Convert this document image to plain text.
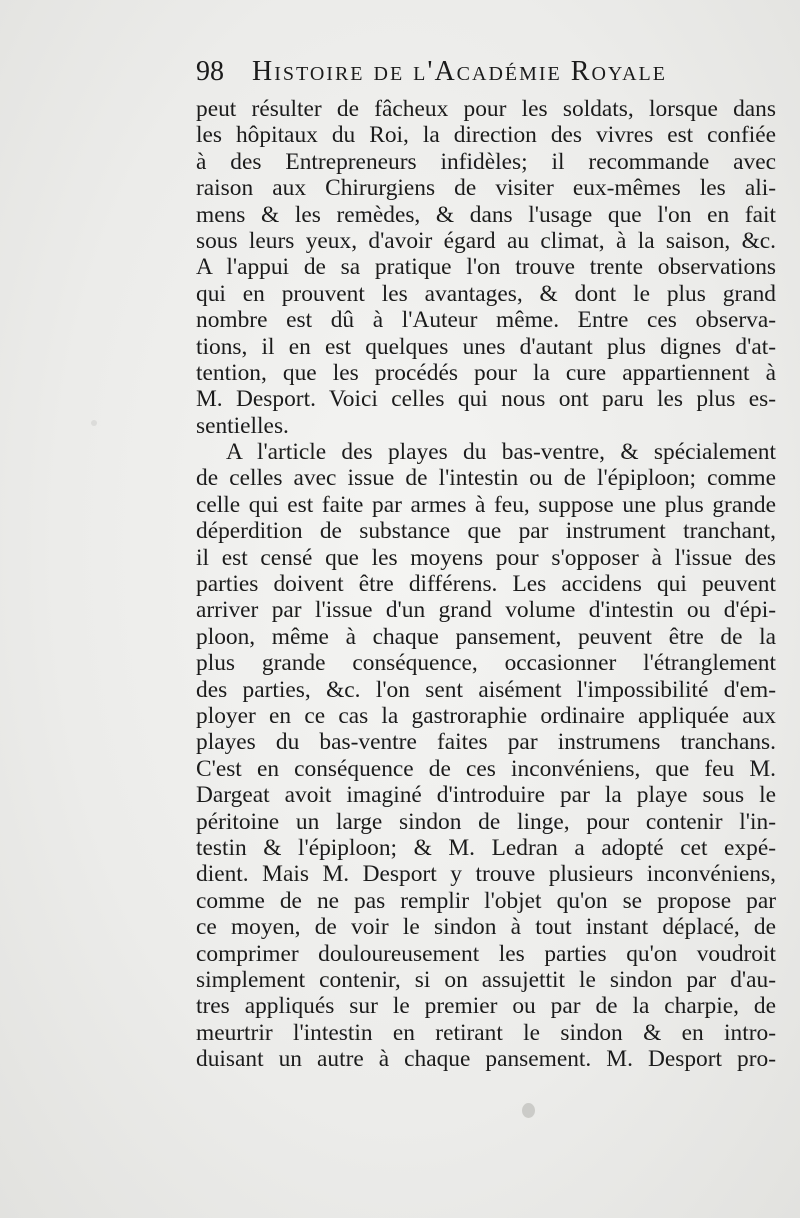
98	Histoire de l'Académie Royale
peut résulter de fâcheux pour les soldats, lorsque dans
les hôpitaux du Roi, la direction des vivres est confiée
à des Entrepreneurs infidèles; il recommande avec
raison aux Chirurgiens de visiter eux-mêmes les ali-
mens & les remèdes, & dans l'usage que l'on en fait
sous leurs yeux, d'avoir égard au climat, à la saison, &c.
A l'appui de sa pratique l'on trouve trente observations
qui en prouvent les avantages, & dont le plus grand
nombre est dû à l'Auteur même. Entre ces observa-
tions, il en est quelques unes d'autant plus dignes d'at-
tention, que les procédés pour la cure appartiennent à
M. Desport. Voici celles qui nous ont paru les plus es-
sentielles.
A l'article des playes du bas-ventre, & spécialement
de celles avec issue de l'intestin ou de l'épiploon; comme
celle qui est faite par armes à feu, suppose une plus grande
déperdition de substance que par instrument tranchant,
il est censé que les moyens pour s'opposer à l'issue des
parties doivent être différens. Les accidens qui peuvent
arriver par l'issue d'un grand volume d'intestin ou d'épi-
ploon, même à chaque pansement, peuvent être de la
plus grande conséquence, occasionner l'étranglement
des parties, &c. l'on sent aisément l'impossibilité d'em-
ployer en ce cas la gastroraphie ordinaire appliquée aux
playes du bas-ventre faites par instrumens tranchans.
C'est en conséquence de ces inconvéniens, que feu M.
Dargeat avoit imaginé d'introduire par la playe sous le
péritoine un large sindon de linge, pour contenir l'in-
testin & l'épiploon; & M. Ledran a adopté cet expé-
dient. Mais M. Desport y trouve plusieurs inconvéniens,
comme de ne pas remplir l'objet qu'on se propose par
ce moyen, de voir le sindon à tout instant déplacé, de
comprimer douloureusement les parties qu'on voudroit
simplement contenir, si on assujettit le sindon par d'au-
tres appliqués sur le premier ou par de la charpie, de
meurtrir l'intestin en retirant le sindon & en intro-
duisant un autre à chaque pansement. M. Desport pro-
